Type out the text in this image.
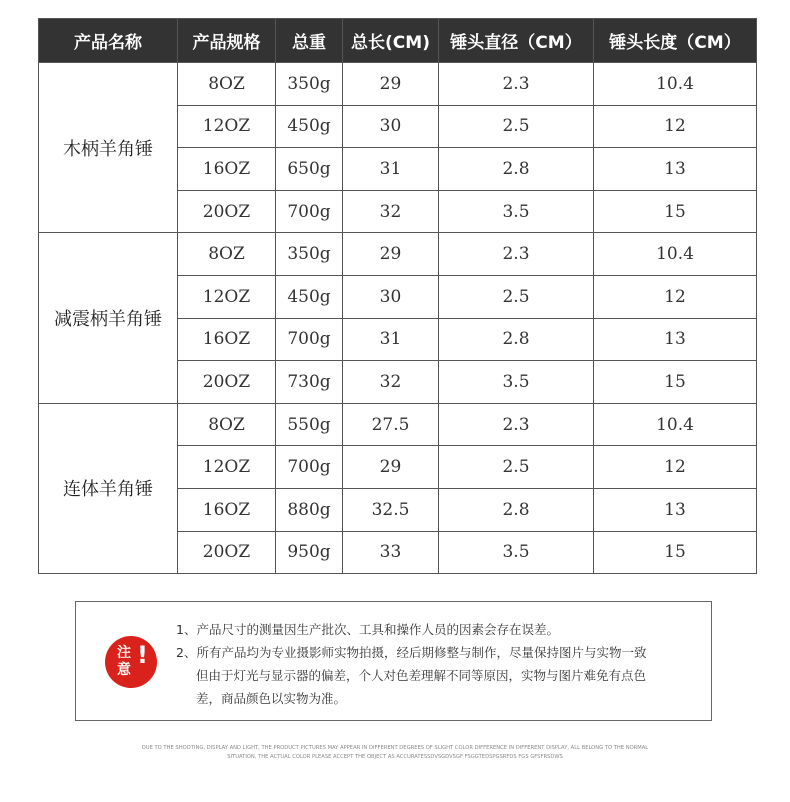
产品名称	产品规格	总重	总长(CM)	锤头直径（CM）	锤头长度（CM）
木柄羊角锤	8OZ	350g	29	2.3	10.4
	12OZ	450g	30	2.5	12
	16OZ	650g	31	2.8	13
	20OZ	700g	32	3.5	15
减震柄羊角锤	8OZ	350g	29	2.3	10.4
	12OZ	450g	30	2.5	12
	16OZ	700g	31	2.8	13
	20OZ	730g	32	3.5	15
连体羊角锤	8OZ	550g	27.5	2.3	10.4
	12OZ	700g	29	2.5	12
	16OZ	880g	32.5	2.8	13
	20OZ	950g	33	3.5	15
注
意
!

1、产品尺寸的测量因生产批次、工具和操作人员的因素会存在误差。

2、所有产品均为专业摄影师实物拍摄，经后期修整与制作，尽量保持图片与实物一致

但由于灯光与显示器的偏差，个人对色差理解不同等原因，实物与图片难免有点色

差，商品颜色以实物为准。

DUE TO THE SHOOTING, DISPLAY AND LIGHT, THE PRODUCT PICTURES MAY APPEAR IN DIFFERENT DEGREES OF SLIGHT COLOR DIFFERENCE IN DIFFERENT DISPLAY, ALL BELONG TO THE NORMAL
SITUATION, THE ACTUAL COLOR PLEASE ACCEPT THE OBJECT AS ACCURATESSDVSGDVSGF FSGGTEDSPGSRFDS FGS GFSFRSDWS
